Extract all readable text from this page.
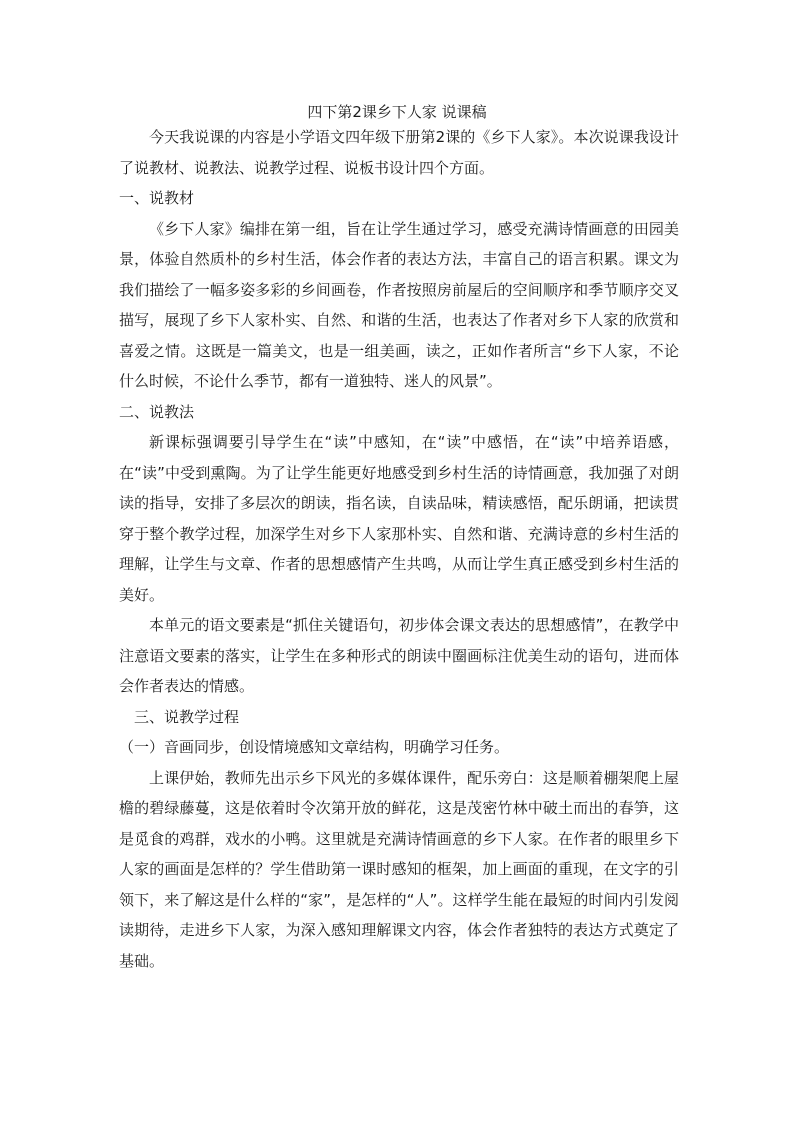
四下第2课乡下人家 说课稿

今天我说课的内容是小学语文四年级下册第2课的《乡下人家》。本次说课我设计了说教材、说教法、说教学过程、说板书设计四个方面。

一、说教材

《乡下人家》编排在第一组，旨在让学生通过学习，感受充满诗情画意的田园美景，体验自然质朴的乡村生活，体会作者的表达方法，丰富自己的语言积累。课文为我们描绘了一幅多姿多彩的乡间画卷，作者按照房前屋后的空间顺序和季节顺序交叉描写，展现了乡下人家朴实、自然、和谐的生活，也表达了作者对乡下人家的欣赏和喜爱之情。这既是一篇美文，也是一组美画，读之，正如作者所言“乡下人家，不论什么时候，不论什么季节，都有一道独特、迷人的风景”。

二、说教法

新课标强调要引导学生在“读”中感知，在“读”中感悟，在“读”中培养语感，在“读”中受到熏陶。为了让学生能更好地感受到乡村生活的诗情画意，我加强了对朗读的指导，安排了多层次的朗读，指名读，自读品味，精读感悟，配乐朗诵，把读贯穿于整个教学过程，加深学生对乡下人家那朴实、自然和谐、充满诗意的乡村生活的理解，让学生与文章、作者的思想感情产生共鸣，从而让学生真正感受到乡村生活的美好。

本单元的语文要素是“抓住关键语句，初步体会课文表达的思想感情”，在教学中注意语文要素的落实，让学生在多种形式的朗读中圈画标注优美生动的语句，进而体会作者表达的情感。

三、说教学过程

（一）音画同步，创设情境感知文章结构，明确学习任务。

上课伊始，教师先出示乡下风光的多媒体课件，配乐旁白：这是顺着棚架爬上屋檐的碧绿藤蔓，这是依着时令次第开放的鲜花，这是茂密竹林中破土而出的春笋，这是觅食的鸡群，戏水的小鸭。这里就是充满诗情画意的乡下人家。在作者的眼里乡下人家的画面是怎样的？学生借助第一课时感知的框架，加上画面的重现，在文字的引领下，来了解这是什么样的“家”，是怎样的“人”。这样学生能在最短的时间内引发阅读期待，走进乡下人家，为深入感知理解课文内容，体会作者独特的表达方式奠定了基础。
